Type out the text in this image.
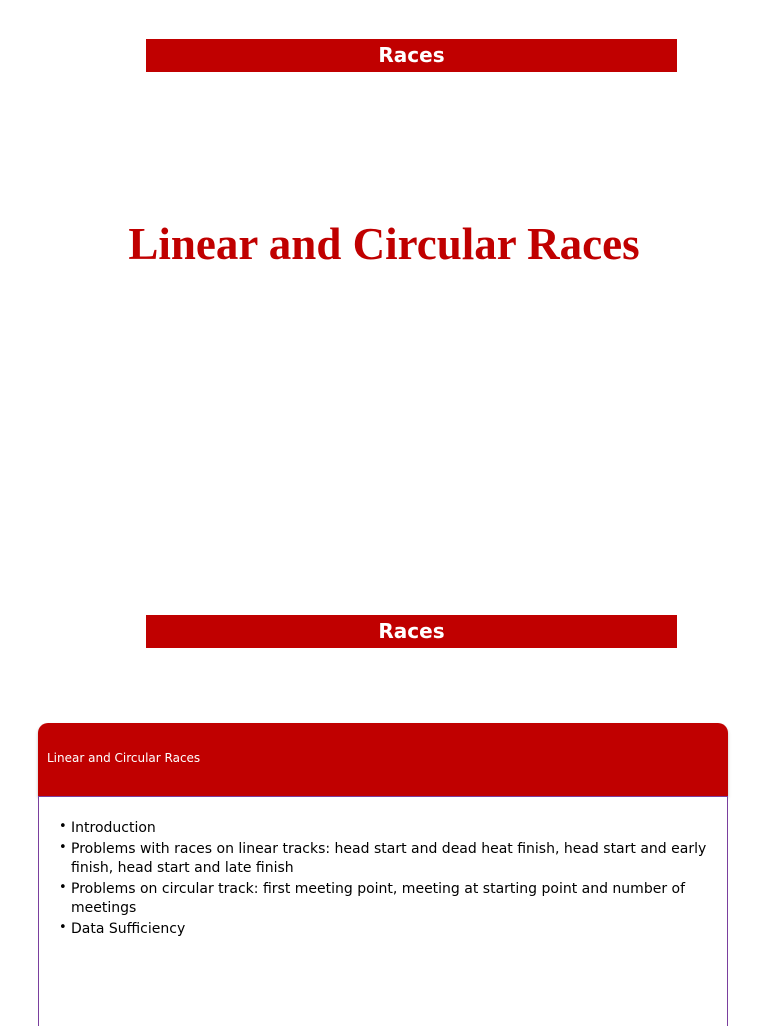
Races
Linear and Circular Races
Races
Linear and Circular Races
• Introduction
• Problems with races on linear tracks: head start and dead heat finish, head start and early finish, head start and late finish
• Problems on circular track: first meeting point, meeting at starting point and number of meetings
• Data Sufficiency
